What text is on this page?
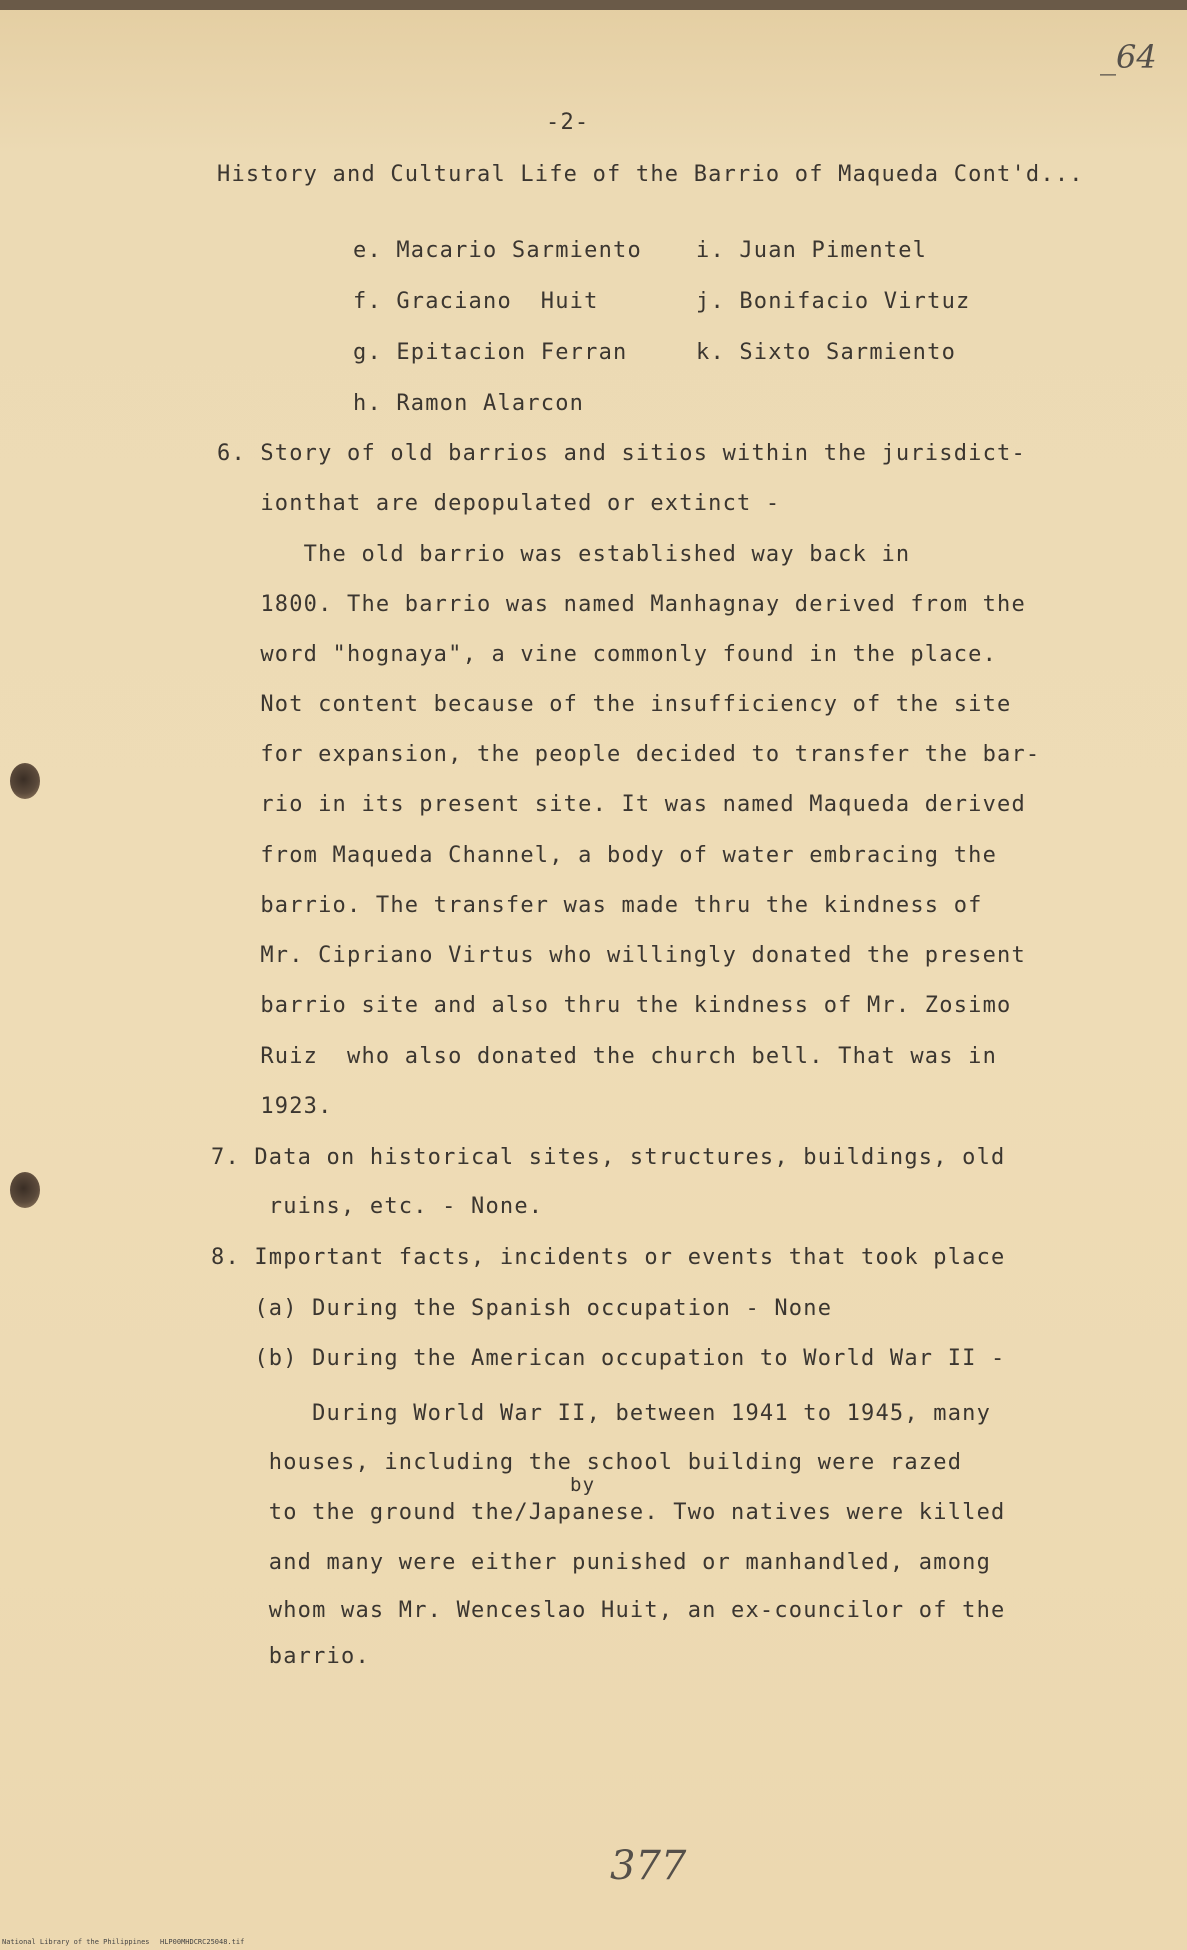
_64
-2-
History and Cultural Life of the Barrio of Maqueda Cont'd...
e. Macario Sarmiento
f. Graciano  Huit
g. Epitacion Ferran
h. Ramon Alarcon
i. Juan Pimentel
j. Bonifacio Virtuz
k. Sixto Sarmiento
6. Story of old barrios and sitios within the jurisdict-
ionthat are depopulated or extinct -
The old barrio was established way back in
1800. The barrio was named Manhagnay derived from the
word "hognaya", a vine commonly found in the place.
Not content because of the insufficiency of the site
for expansion, the people decided to transfer the bar-
rio in its present site. It was named Maqueda derived
from Maqueda Channel, a body of water embracing the
barrio. The transfer was made thru the kindness of
Mr. Cipriano Virtus who willingly donated the present
barrio site and also thru the kindness of Mr. Zosimo
Ruiz  who also donated the church bell. That was in
1923.
7. Data on historical sites, structures, buildings, old
ruins, etc. - None.
8. Important facts, incidents or events that took place
(a) During the Spanish occupation - None
(b) During the American occupation to World War II -
During World War II, between 1941 to 1945, many
houses, including the school building were razed
by
to the ground the/Japanese. Two natives were killed
and many were either punished or manhandled, among
whom was Mr. Wenceslao Huit, an ex-councilor of the
barrio.
377
National Library of the Philippines HLP00MHDCRC25048.tif
